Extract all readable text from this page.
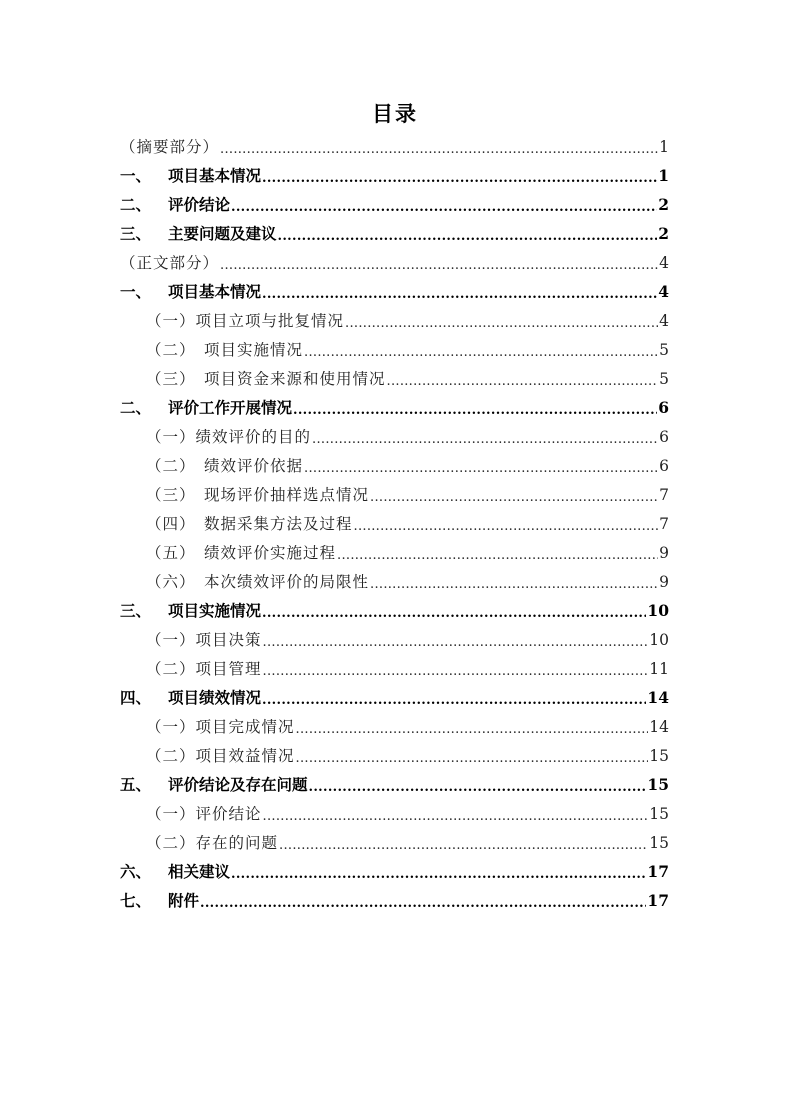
目录
（摘要部分） .....	1
一、	项目基本情况 .....	1
二、	评价结论 .....	2
三、	主要问题及建议 .....	2
（正文部分） .....	4
一、	项目基本情况 .....	4
（一） 项目立项与批复情况 .....	4
（二） 项目实施情况 .....	5
（三） 项目资金来源和使用情况 .....	5
二、	评价工作开展情况 .....	6
（一） 绩效评价的目的 .....	6
（二） 绩效评价依据 .....	6
（三） 现场评价抽样选点情况 .....	7
（四） 数据采集方法及过程 .....	7
（五） 绩效评价实施过程 .....	9
（六） 本次绩效评价的局限性 .....	9
三、	项目实施情况 .....	10
（一） 项目决策 .....	10
（二） 项目管理 .....	11
四、	项目绩效情况 .....	14
（一） 项目完成情况 .....	14
（二） 项目效益情况 .....	15
五、	评价结论及存在问题 .....	15
（一） 评价结论 .....	15
（二） 存在的问题 .....	15
六、	相关建议 .....	17
七、	附件 .....	17
